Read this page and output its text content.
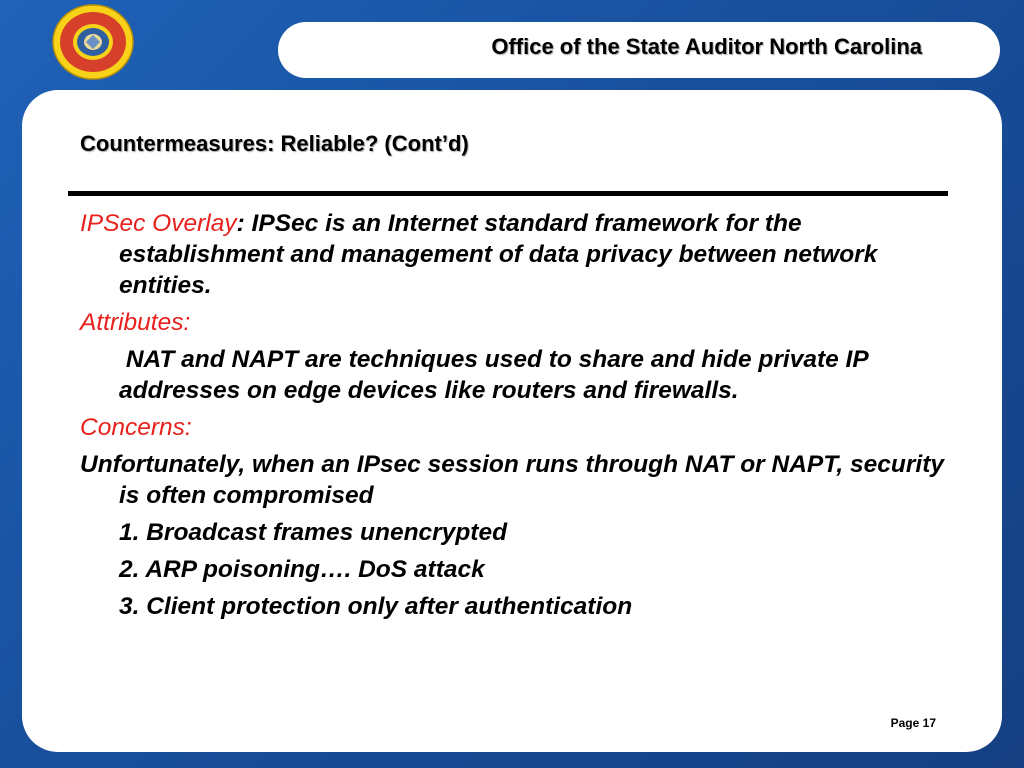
Office of the State Auditor North Carolina
Countermeasures: Reliable? (Cont’d)

IPSec Overlay: IPSec is an Internet standard framework for the establishment and management of data privacy between network entities.

Attributes:

NAT and NAPT are techniques used to share and hide private IP addresses on edge devices like routers and firewalls.

Concerns:

Unfortunately, when an IPsec session runs through NAT or NAPT, security is often compromised

1. Broadcast frames unencrypted

2. ARP poisoning…. DoS attack

3. Client protection only after authentication

Page 17
